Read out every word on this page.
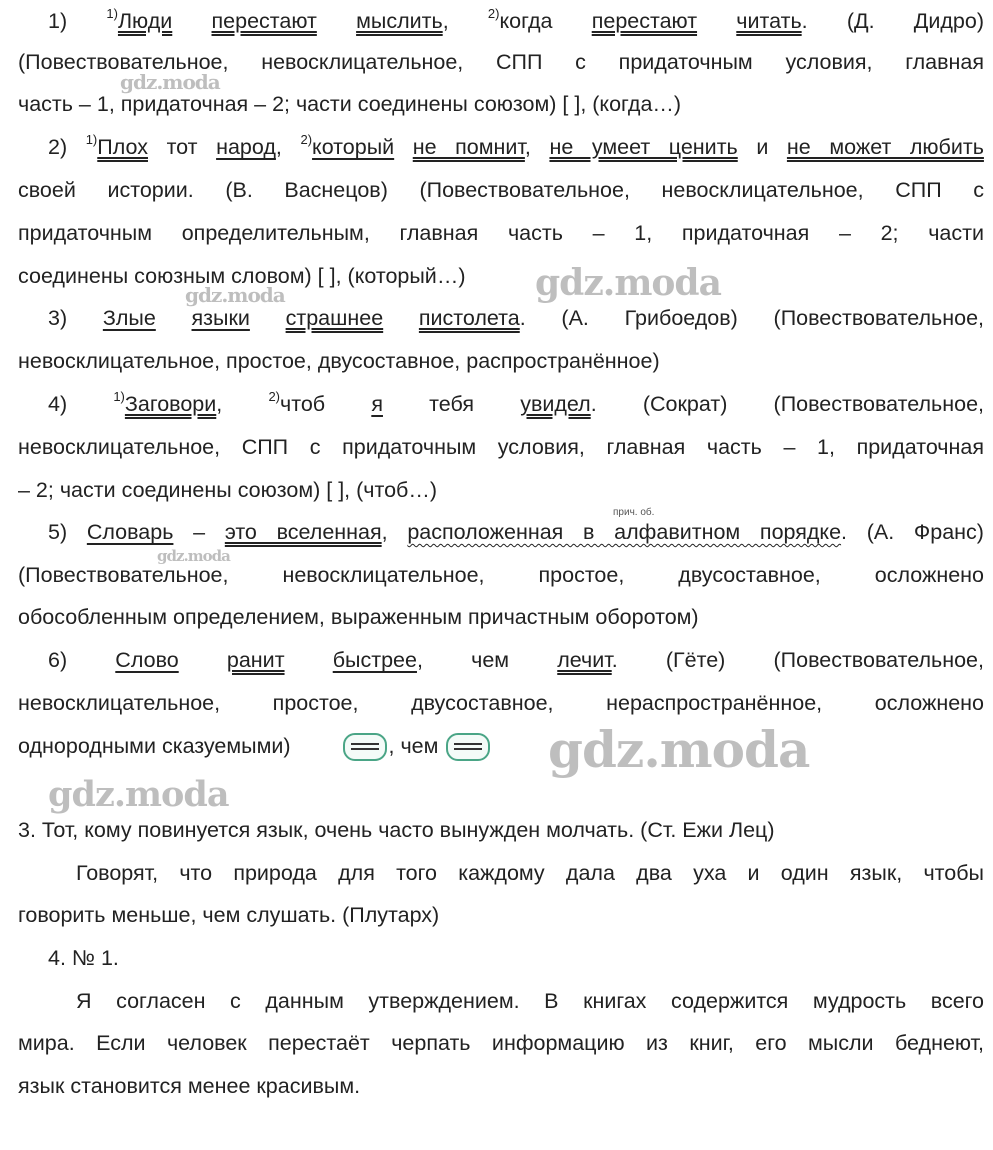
1)	$^{1)}$Люди перестают мыслить,	$^{2)}$когда перестают читать. (Д. Дидро)
(Повествовательное, невосклицательное, СПП с придаточным условия, главная
часть – 1, придаточная – 2; части соединены союзом) [ ], (когда…)
2) $^{1)}$Плох тот народ, $^{2)}$который не помнит, не умеет ценить и не может любить
своей истории. (В. Васнецов) (Повествовательное, невосклицательное, СПП с
придаточным определительным, главная часть – 1, придаточная – 2; части
соединены союзным словом) [ ], (который…)
3) Злые языки страшнее пистолета. (А. Грибоедов) (Повествовательное,
невосклицательное, простое, двусоставное, распространённое)
4)	$^{1)}$Заговори,	$^{2)}$чтоб я тебя увидел. (Сократ) (Повествовательное,
невосклицательное, СПП с придаточным условия, главная часть – 1, придаточная
– 2; части соединены союзом) [ ], (чтоб…)
прич. об.
5) Словарь – это вселенная, расположенная в алфавитном порядке. (А. Франс)
(Повествовательное, невосклицательное, простое, двусоставное, осложнено
обособленным определением, выраженным причастным оборотом)
6) Слово ранит быстрее, чем лечит. (Гёте) (Повествовательное,
невосклицательное, простое, двусоставное, нераспространённое, осложнено
однородными сказуемыми)	, чем
3. Тот, кому повинуется язык, очень часто вынужден молчать. (Ст. Ежи Лец)
Говорят, что природа для того каждому дала два уха и один язык, чтобы
говорить меньше, чем слушать. (Плутарх)
4. № 1.
Я согласен с данным утверждением. В книгах содержится мудрость всего
мира. Если человек перестаёт черпать информацию из книг, его мысли беднеют,
язык становится менее красивым.
gdz.moda
gdz.moda
gdz.moda
gdz.moda
gdz.moda
gdz.moda
